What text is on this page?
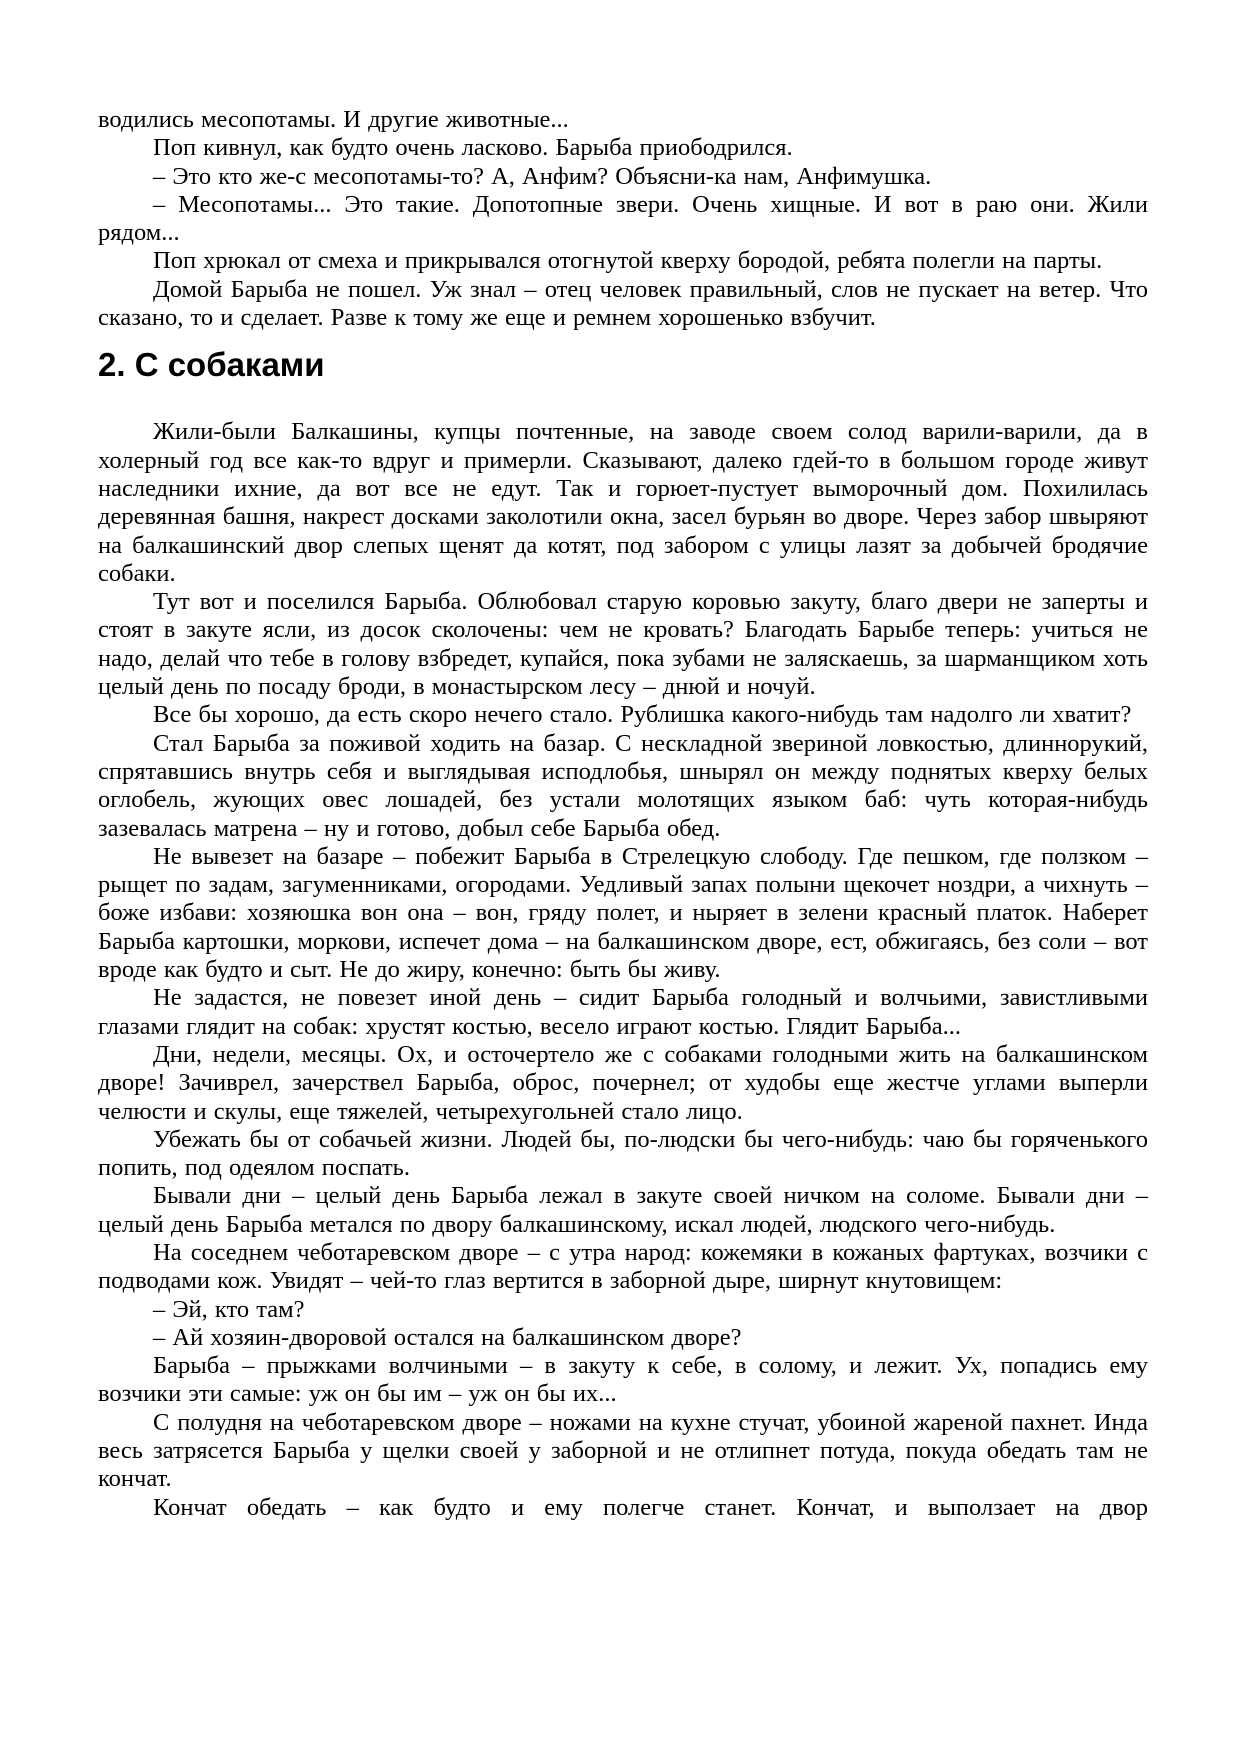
водились месопотамы. И другие животные...

Поп кивнул, как будто очень ласково. Барыба приободрился.

– Это кто же-с месопотамы-то? А, Анфим? Объясни-ка нам, Анфимушка.

– Месопотамы... Это такие. Допотопные звери. Очень хищные. И вот в раю они. Жили рядом...

Поп хрюкал от смеха и прикрывался отогнутой кверху бородой, ребята полегли на парты.

Домой Барыба не пошел. Уж знал – отец человек правильный, слов не пускает на ветер. Что сказано, то и сделает. Разве к тому же еще и ремнем хорошенько взбучит.

2. С собаками

Жили-были Балкашины, купцы почтенные, на заводе своем солод варили-варили, да в холерный год все как-то вдруг и примерли. Сказывают, далеко гдей-то в большом городе живут наследники ихние, да вот все не едут. Так и горюет-пустует выморочный дом. Похилилась деревянная башня, накрест досками заколотили окна, засел бурьян во дворе. Через забор швыряют на балкашинский двор слепых щенят да котят, под забором с улицы лазят за добычей бродячие собаки.

Тут вот и поселился Барыба. Облюбовал старую коровью закуту, благо двери не заперты и стоят в закуте ясли, из досок сколочены: чем не кровать? Благодать Барыбе теперь: учиться не надо, делай что тебе в голову взбредет, купайся, пока зубами не заляскаешь, за шарманщиком хоть целый день по посаду броди, в монастырском лесу – днюй и ночуй.

Все бы хорошо, да есть скоро нечего стало. Рублишка какого-нибудь там надолго ли хватит?

Стал Барыба за поживой ходить на базар. С нескладной звериной ловкостью, длиннорукий, спрятавшись внутрь себя и выглядывая исподлобья, шнырял он между поднятых кверху белых оглобель, жующих овес лошадей, без устали молотящих языком баб: чуть которая-нибудь зазевалась матрена – ну и готово, добыл себе Барыба обед.

Не вывезет на базаре – побежит Барыба в Стрелецкую слободу. Где пешком, где ползком – рыщет по задам, загуменниками, огородами. Уедливый запах полыни щекочет ноздри, а чихнуть – боже избави: хозяюшка вон она – вон, гряду полет, и ныряет в зелени красный платок. Наберет Барыба картошки, моркови, испечет дома – на балкашинском дворе, ест, обжигаясь, без соли – вот вроде как будто и сыт. Не до жиру, конечно: быть бы живу.

Не задастся, не повезет иной день – сидит Барыба голодный и волчьими, завистливыми глазами глядит на собак: хрустят костью, весело играют костью. Глядит Барыба...

Дни, недели, месяцы. Ох, и осточертело же с собаками голодными жить на балкашинском дворе! Зачиврел, зачерствел Барыба, оброс, почернел; от худобы еще жестче углами выперли челюсти и скулы, еще тяжелей, четырехугольней стало лицо.

Убежать бы от собачьей жизни. Людей бы, по-людски бы чего-нибудь: чаю бы горяченького попить, под одеялом поспать.

Бывали дни – целый день Барыба лежал в закуте своей ничком на соломе. Бывали дни – целый день Барыба метался по двору балкашинскому, искал людей, людского чего-нибудь.

На соседнем чеботаревском дворе – с утра народ: кожемяки в кожаных фартуках, возчики с подводами кож. Увидят – чей-то глаз вертится в заборной дыре, ширнут кнутовищем:

– Эй, кто там?

– Ай хозяин-дворовой остался на балкашинском дворе?

Барыба – прыжками волчиными – в закуту к себе, в солому, и лежит. Ух, попадись ему возчики эти самые: уж он бы им – уж он бы их...

С полудня на чеботаревском дворе – ножами на кухне стучат, убоиной жареной пахнет. Инда весь затрясется Барыба у щелки своей у заборной и не отлипнет потуда, покуда обедать там не кончат.

Кончат обедать – как будто и ему полегче станет. Кончат, и выползает на двор
